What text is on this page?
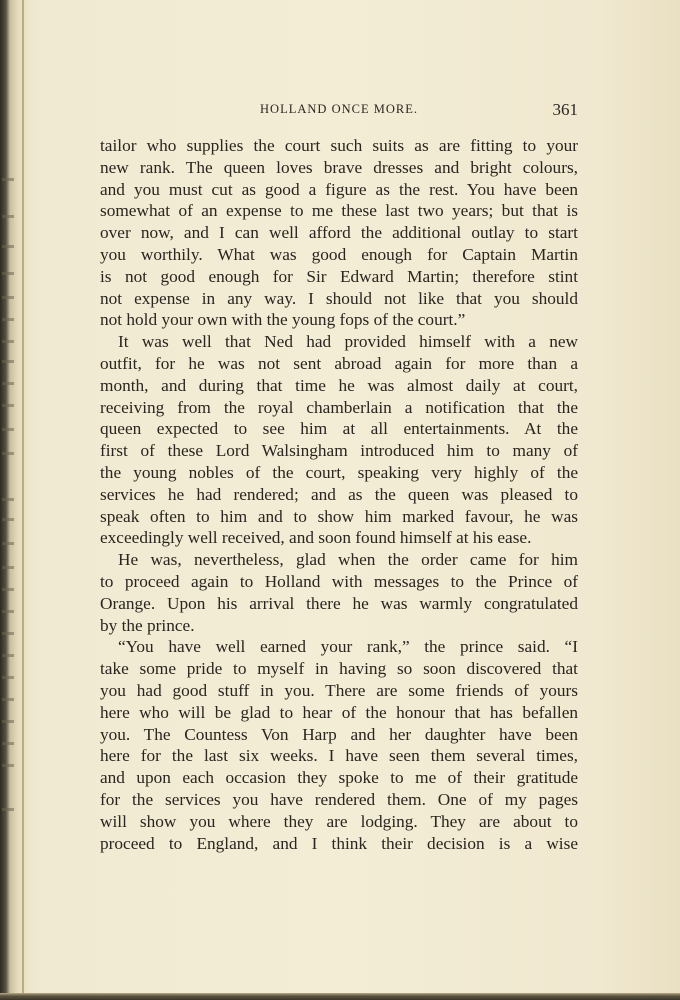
HOLLAND ONCE MORE.	361
tailor who supplies the court such suits as are fitting to your
new rank. The queen loves brave dresses and bright colours,
and you must cut as good a figure as the rest. You have been
somewhat of an expense to me these last two years; but that is
over now, and I can well afford the additional outlay to start
you worthily. What was good enough for Captain Martin
is not good enough for Sir Edward Martin; therefore stint
not expense in any way. I should not like that you should
not hold your own with the young fops of the court.”
It was well that Ned had provided himself with a new
outfit, for he was not sent abroad again for more than a
month, and during that time he was almost daily at court,
receiving from the royal chamberlain a notification that the
queen expected to see him at all entertainments. At the
first of these Lord Walsingham introduced him to many of
the young nobles of the court, speaking very highly of the
services he had rendered; and as the queen was pleased to
speak often to him and to show him marked favour, he was
exceedingly well received, and soon found himself at his ease.
He was, nevertheless, glad when the order came for him
to proceed again to Holland with messages to the Prince of
Orange. Upon his arrival there he was warmly congratulated
by the prince.
“You have well earned your rank,” the prince said. “I
take some pride to myself in having so soon discovered that
you had good stuff in you. There are some friends of yours
here who will be glad to hear of the honour that has befallen
you. The Countess Von Harp and her daughter have been
here for the last six weeks. I have seen them several times,
and upon each occasion they spoke to me of their gratitude
for the services you have rendered them. One of my pages
will show you where they are lodging. They are about to
proceed to England, and I think their decision is a wise
